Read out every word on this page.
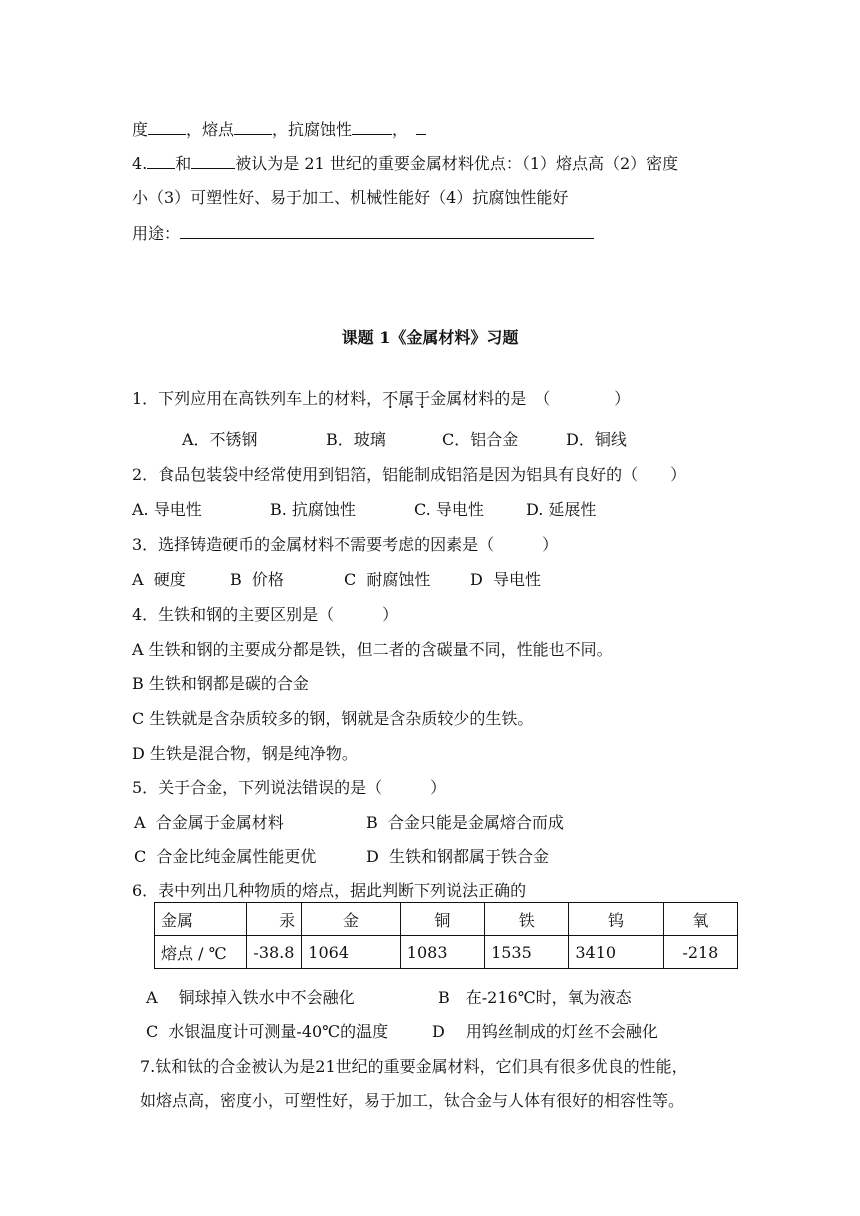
度 ，熔点 ，抗腐蚀性	，
4. 和	被认为是 21 世纪的重要金属材料优点：（1）熔点高（2）密度
小（3）可塑性好、易于加工、机械性能好（4）抗腐蚀性能好
用途：
课题 1《金属材料》习题
1．下列应用在高铁列车上的材料，不属于金属材料的是　（　　　　）
A．不锈钢	B．玻璃	C．铝合金	D．铜线
2．食品包装袋中经常使用到铝箔，铝能制成铝箔是因为铝具有良好的（　　）
A. 导电性	B. 抗腐蚀性	C. 导电性	D. 延展性
3．选择铸造硬币的金属材料不需要考虑的因素是（　　　）
A  硬度	B  价格	C  耐腐蚀性 D  导电性
4．生铁和钢的主要区别是（　　　）
A 生铁和钢的主要成分都是铁，但二者的含碳量不同，性能也不同。
B 生铁和钢都是碳的合金
C 生铁就是含杂质较多的钢，钢就是含杂质较少的生铁。
D 生铁是混合物，钢是纯净物。
5．关于合金，下列说法错误的是（　　　）
A  合金属于金属材料	B  合金只能是金属熔合而成
C  合金比纯金属性能更优	D  生铁和钢都属于铁合金
6．表中列出几种物质的熔点，据此判断下列说法正确的
金属	汞	金	铜	铁	钨	氧
熔点 / ℃	-38.8	1064	1083	1535	3410	-218
A　 铜球掉入铁水中不会融化	B　在-216℃时，氧为液态
C  水银温度计可测量-40℃的温度	D　 用钨丝制成的灯丝不会融化
7.钛和钛的合金被认为是21世纪的重要金属材料，它们具有很多优良的性能，
如熔点高，密度小，可塑性好，易于加工，钛合金与人体有很好的相容性等。
